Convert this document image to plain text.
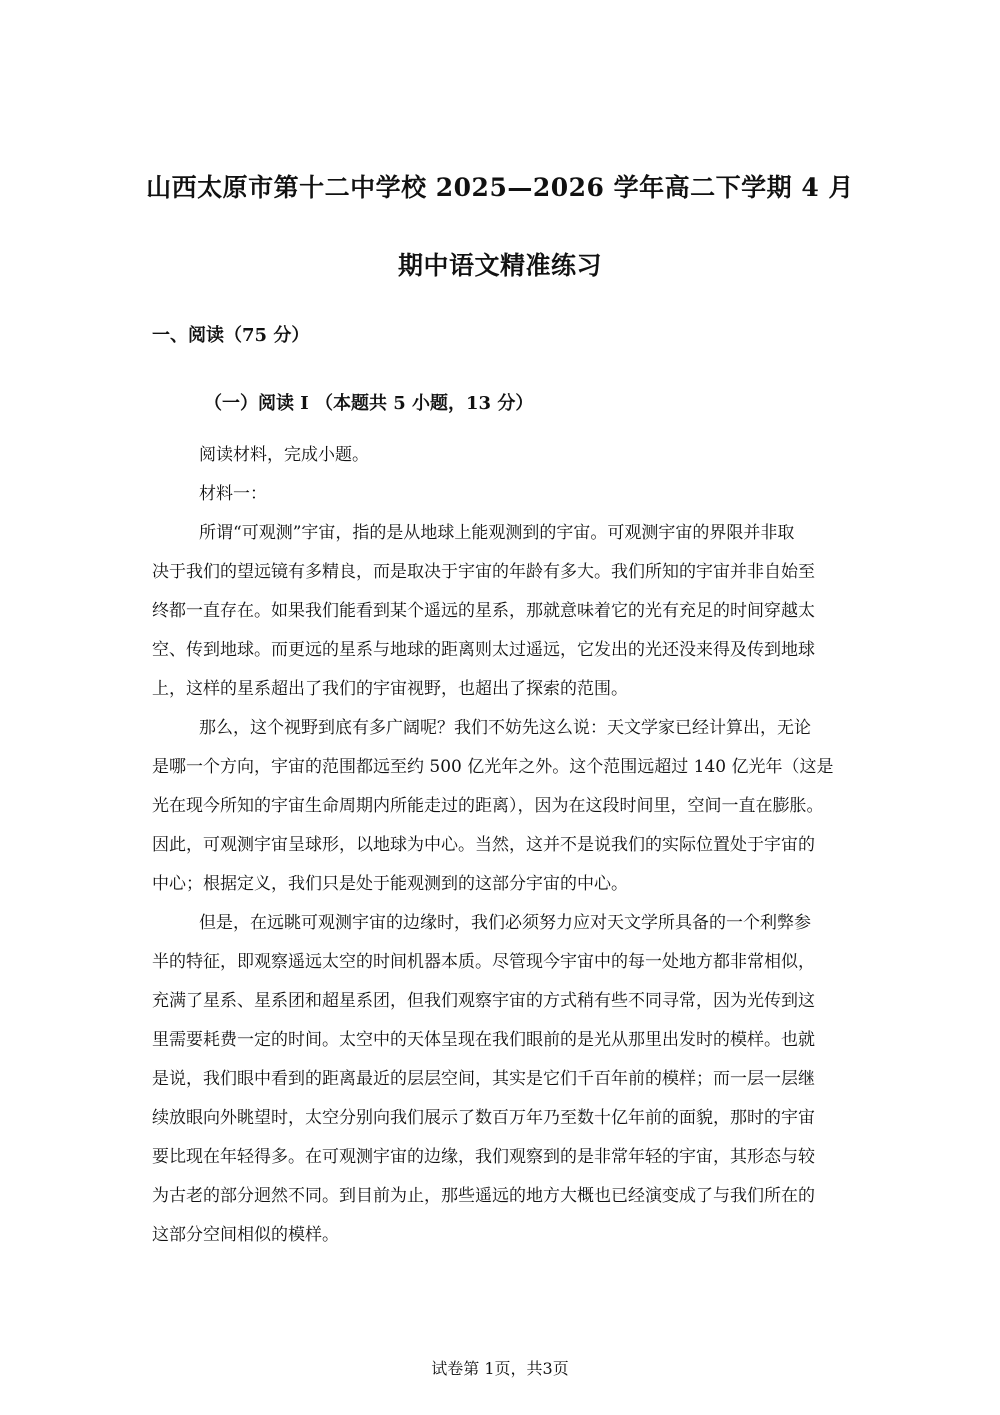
山西太原市第十二中学校 2025—2026 学年高二下学期 4 月
期中语文精准练习
一、阅读（75 分）
（一）阅读 I （本题共 5 小题，13 分）
阅读材料，完成小题。
材料一：
所谓“可观测”宇宙，指的是从地球上能观测到的宇宙。可观测宇宙的界限并非取
决于我们的望远镜有多精良，而是取决于宇宙的年龄有多大。我们所知的宇宙并非自始至
终都一直存在。如果我们能看到某个遥远的星系，那就意味着它的光有充足的时间穿越太
空、传到地球。而更远的星系与地球的距离则太过遥远，它发出的光还没来得及传到地球
上，这样的星系超出了我们的宇宙视野，也超出了探索的范围。
那么，这个视野到底有多广阔呢？我们不妨先这么说：天文学家已经计算出，无论
是哪一个方向，宇宙的范围都远至约 500 亿光年之外。这个范围远超过 140 亿光年（这是
光在现今所知的宇宙生命周期内所能走过的距离），因为在这段时间里，空间一直在膨胀。
因此，可观测宇宙呈球形，以地球为中心。当然，这并不是说我们的实际位置处于宇宙的
中心；根据定义，我们只是处于能观测到的这部分宇宙的中心。
但是，在远眺可观测宇宙的边缘时，我们必须努力应对天文学所具备的一个利弊参
半的特征，即观察遥远太空的时间机器本质。尽管现今宇宙中的每一处地方都非常相似，
充满了星系、星系团和超星系团，但我们观察宇宙的方式稍有些不同寻常，因为光传到这
里需要耗费一定的时间。太空中的天体呈现在我们眼前的是光从那里出发时的模样。也就
是说，我们眼中看到的距离最近的层层空间，其实是它们千百年前的模样；而一层一层继
续放眼向外眺望时，太空分别向我们展示了数百万年乃至数十亿年前的面貌，那时的宇宙
要比现在年轻得多。在可观测宇宙的边缘，我们观察到的是非常年轻的宇宙，其形态与较
为古老的部分迥然不同。到目前为止，那些遥远的地方大概也已经演变成了与我们所在的
这部分空间相似的模样。
试卷第 1页，共3页
